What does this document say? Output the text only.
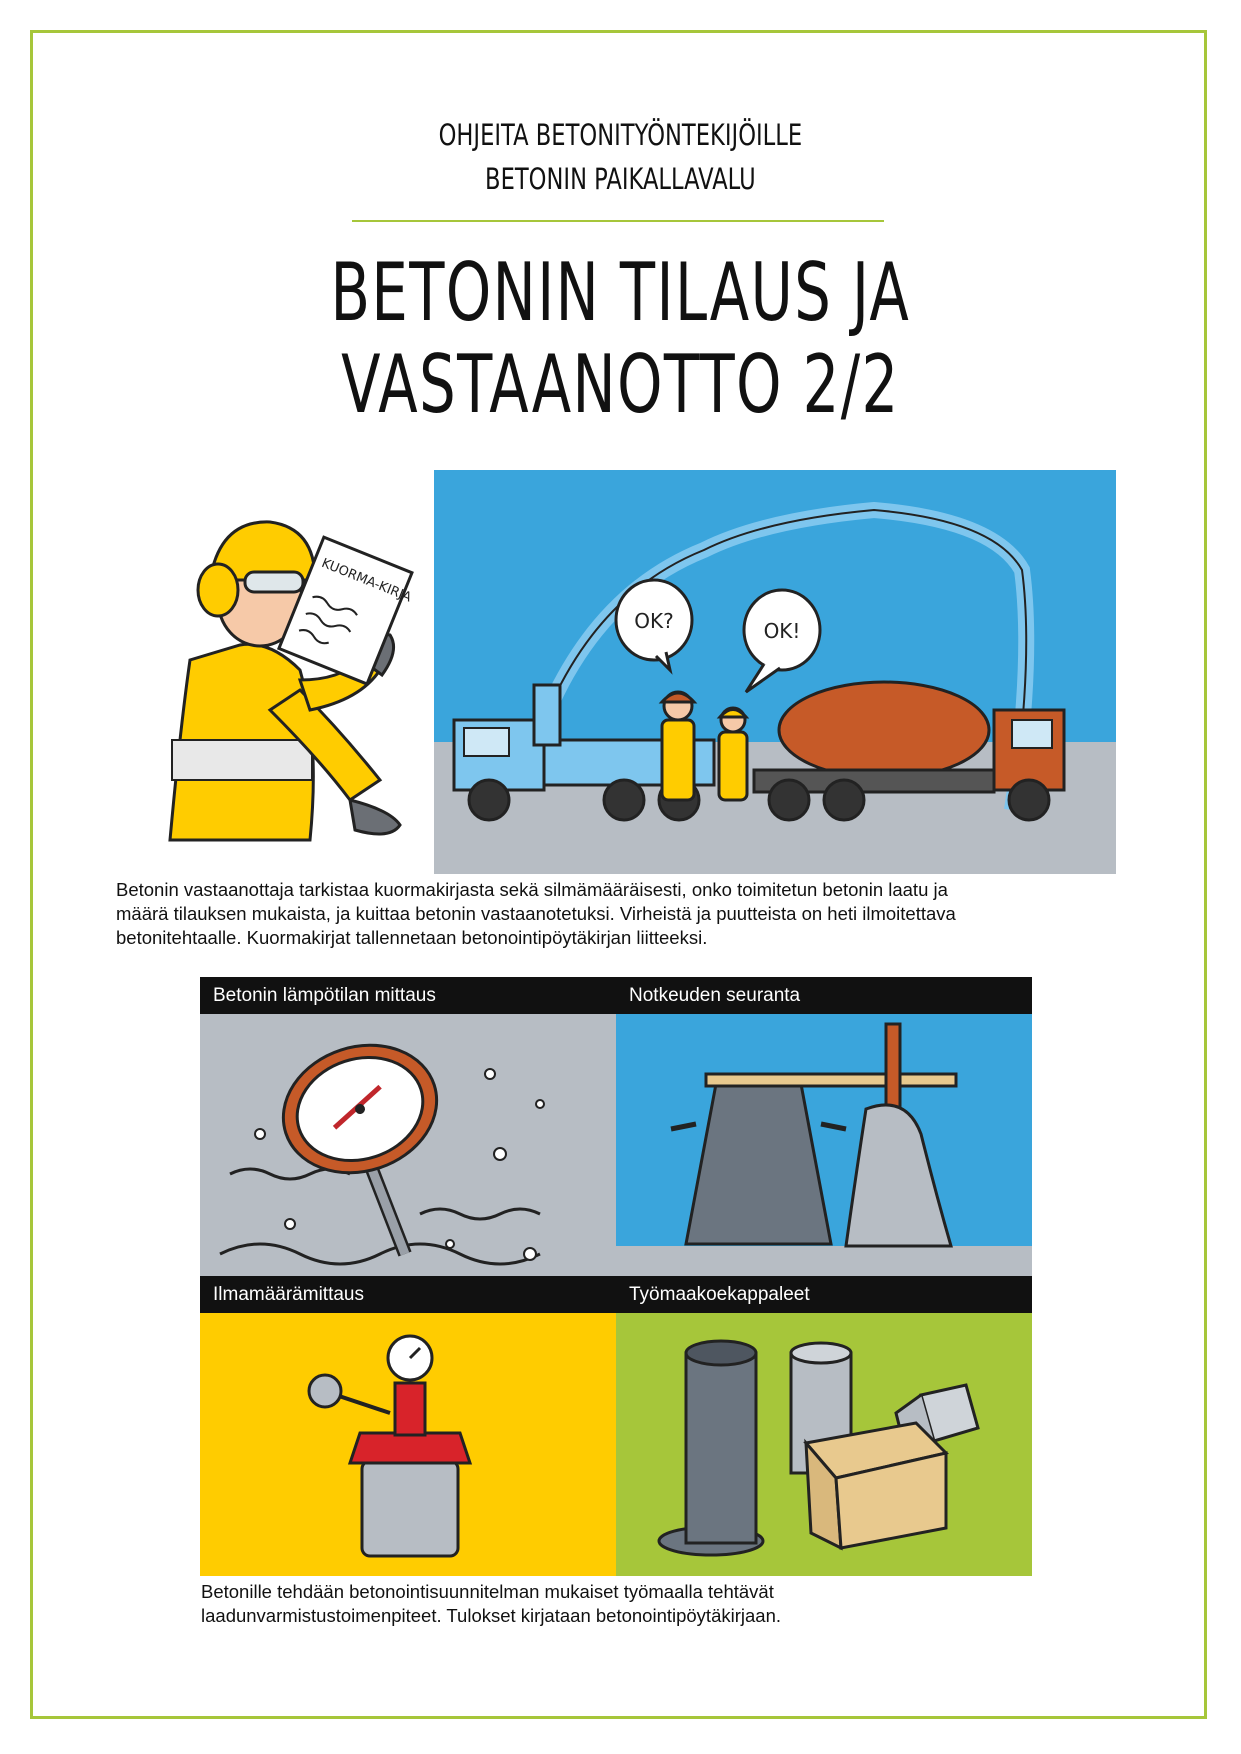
OHJEITA BETONITYÖNTEKIJÖILLE
BETONIN PAIKALLAVALU
BETONIN TILAUS JA
VASTAANOTTO 2/2
KUORMA-KIRJA
OK?	OK!
Betonin vastaanottaja tarkistaa kuormakirjasta sekä silmämääräisesti, onko toimitetun betonin laatu ja
määrä tilauksen mukaista, ja kuittaa betonin vastaanotetuksi. Virheistä ja puutteista on heti ilmoitettava
betonitehtaalle. Kuormakirjat tallennetaan betonointipöytäkirjan liitteeksi.
Betonin lämpötilan mittaus	Notkeuden seuranta
Ilmamäärämittaus	Työmaakoekappaleet
Betonille tehdään betonointisuunnitelman mukaiset työmaalla tehtävät
laadunvarmistustoimenpiteet. Tulokset kirjataan betonointipöytäkirjaan.
